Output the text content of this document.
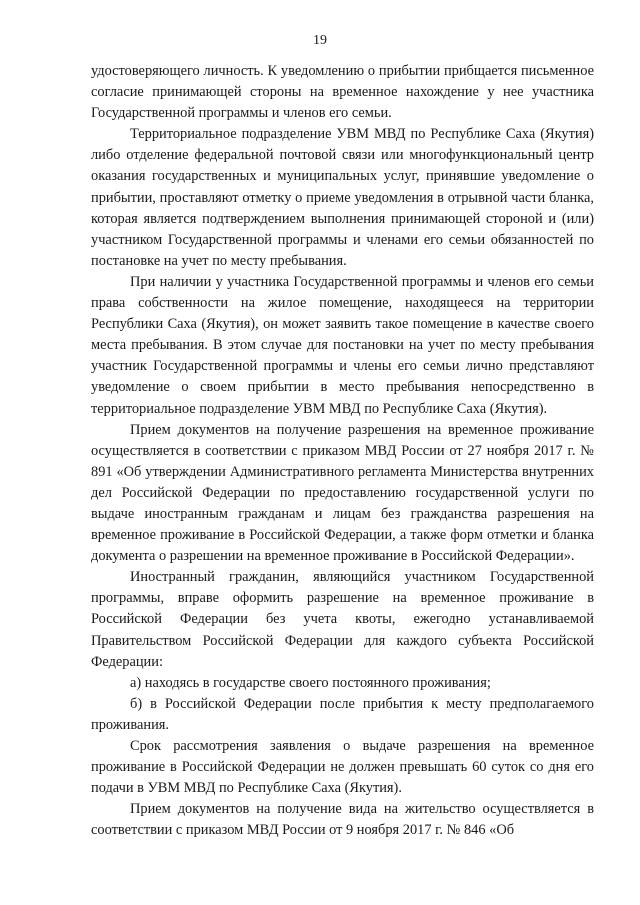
19

удостоверяющего личность. К уведомлению о прибытии прибщается письменное согласие принимающей стороны на временное нахождение у нее участника Государственной программы и членов его семьи.

Территориальное подразделение УВМ МВД по Республике Саха (Якутия) либо отделение федеральной почтовой связи или многофункциональный центр оказания государственных и муниципальных услуг, принявшие уведомление о прибытии, проставляют отметку о приеме уведомления в отрывной части бланка, которая является подтверждением выполнения принимающей стороной и (или) участником Государственной программы и членами его семьи обязанностей по постановке на учет по месту пребывания.

При наличии у участника Государственной программы и членов его семьи права собственности на жилое помещение, находящееся на территории Республики Саха (Якутия), он может заявить такое помещение в качестве своего места пребывания. В этом случае для постановки на учет по месту пребывания участник Государственной программы и члены его семьи лично представляют уведомление о своем прибытии в место пребывания непосредственно в территориальное подразделение УВМ МВД по Республике Саха (Якутия).

Прием документов на получение разрешения на временное проживание осуществляется в соответствии с приказом МВД России от 27 ноября 2017 г. № 891 «Об утверждении Административного регламента Министерства внутренних дел Российской Федерации по предоставлению государственной услуги по выдаче иностранным гражданам и лицам без гражданства разрешения на временное проживание в Российской Федерации, а также форм отметки и бланка документа о разрешении на временное проживание в Российской Федерации».

Иностранный гражданин, являющийся участником Государственной программы, вправе оформить разрешение на временное проживание в Российской Федерации без учета квоты, ежегодно устанавливаемой Правительством Российской Федерации для каждого субъекта Российской Федерации:

а) находясь в государстве своего постоянного проживания;

б) в Российской Федерации после прибытия к месту предполагаемого проживания.

Срок рассмотрения заявления о выдаче разрешения на временное проживание в Российской Федерации не должен превышать 60 суток со дня его подачи в УВМ МВД по Республике Саха (Якутия).

Прием документов на получение вида на жительство осуществляется в соответствии с приказом МВД России от 9 ноября 2017 г. № 846 «Об
